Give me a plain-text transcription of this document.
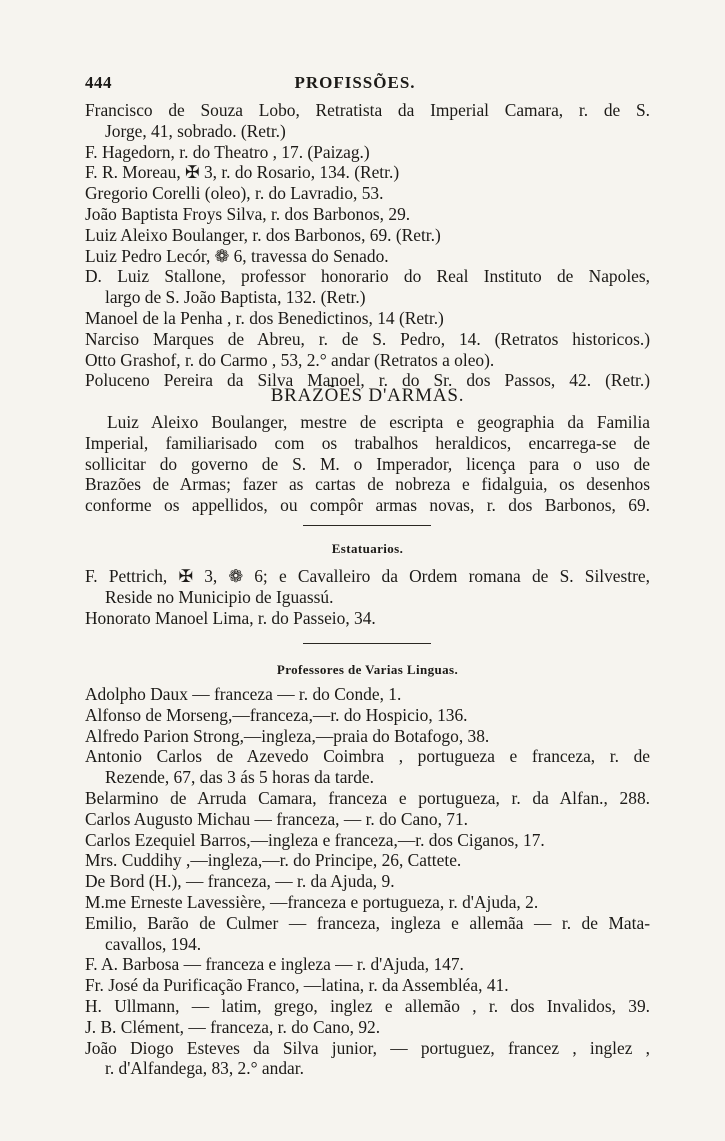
444	PROFISSÕES.
Francisco de Souza Lobo, Retratista da Imperial Camara, r. de S.
Jorge, 41, sobrado. (Retr.)
F. Hagedorn, r. do Theatro , 17. (Paizag.)
F. R. Moreau, ✠ 3, r. do Rosario, 134. (Retr.)
Gregorio Corelli (oleo), r. do Lavradio, 53.
João Baptista Froys Silva, r. dos Barbonos, 29.
Luiz Aleixo Boulanger, r. dos Barbonos, 69. (Retr.)
Luiz Pedro Lecór, ❁ 6, travessa do Senado.
D. Luiz Stallone, professor honorario do Real Instituto de Napoles,
largo de S. João Baptista, 132. (Retr.)
Manoel de la Penha , r. dos Benedictinos, 14 (Retr.)
Narciso Marques de Abreu, r. de S. Pedro, 14. (Retratos historicos.)
Otto Grashof, r. do Carmo , 53, 2.° andar (Retratos a oleo).
Poluceno Pereira da Silva Manoel, r. do Sr. dos Passos, 42. (Retr.)
BRAZÕES D'ARMAS.
Luiz Aleixo Boulanger, mestre de escripta e geographia da Familia
Imperial, familiarisado com os trabalhos heraldicos, encarrega-se de
sollicitar do governo de S. M. o Imperador, licença para o uso de
Brazões de Armas; fazer as cartas de nobreza e fidalguia, os desenhos
conforme os appellidos, ou compôr armas novas, r. dos Barbonos, 69.
Estatuarios.
F. Pettrich, ✠ 3, ❁ 6; e Cavalleiro da Ordem romana de S. Silvestre,
Reside no Municipio de Iguassú.
Honorato Manoel Lima, r. do Passeio, 34.
Professores de Varias Linguas.
Adolpho Daux — franceza — r. do Conde, 1.
Alfonso de Morseng,—franceza,—r. do Hospicio, 136.
Alfredo Parion Strong,—ingleza,—praia do Botafogo, 38.
Antonio Carlos de Azevedo Coimbra , portugueza e franceza, r. de
Rezende, 67, das 3 ás 5 horas da tarde.
Belarmino de Arruda Camara, franceza e portugueza, r. da Alfan., 288.
Carlos Augusto Michau — franceza, — r. do Cano, 71.
Carlos Ezequiel Barros,—ingleza e franceza,—r. dos Ciganos, 17.
Mrs. Cuddihy ,—ingleza,—r. do Principe, 26, Cattete.
De Bord (H.), — franceza, — r. da Ajuda, 9.
M.me Erneste Lavessière, —franceza e portugueza, r. d'Ajuda, 2.
Emilio, Barão de Culmer — franceza, ingleza e allemãa — r. de Mata-
cavallos, 194.
F. A. Barbosa — franceza e ingleza — r. d'Ajuda, 147.
Fr. José da Purificação Franco, —latina, r. da Assembléa, 41.
H. Ullmann, — latim, grego, inglez e allemão , r. dos Invalidos, 39.
J. B. Clément, — franceza, r. do Cano, 92.
João Diogo Esteves da Silva junior, — portuguez, francez , inglez ,
r. d'Alfandega, 83, 2.° andar.
